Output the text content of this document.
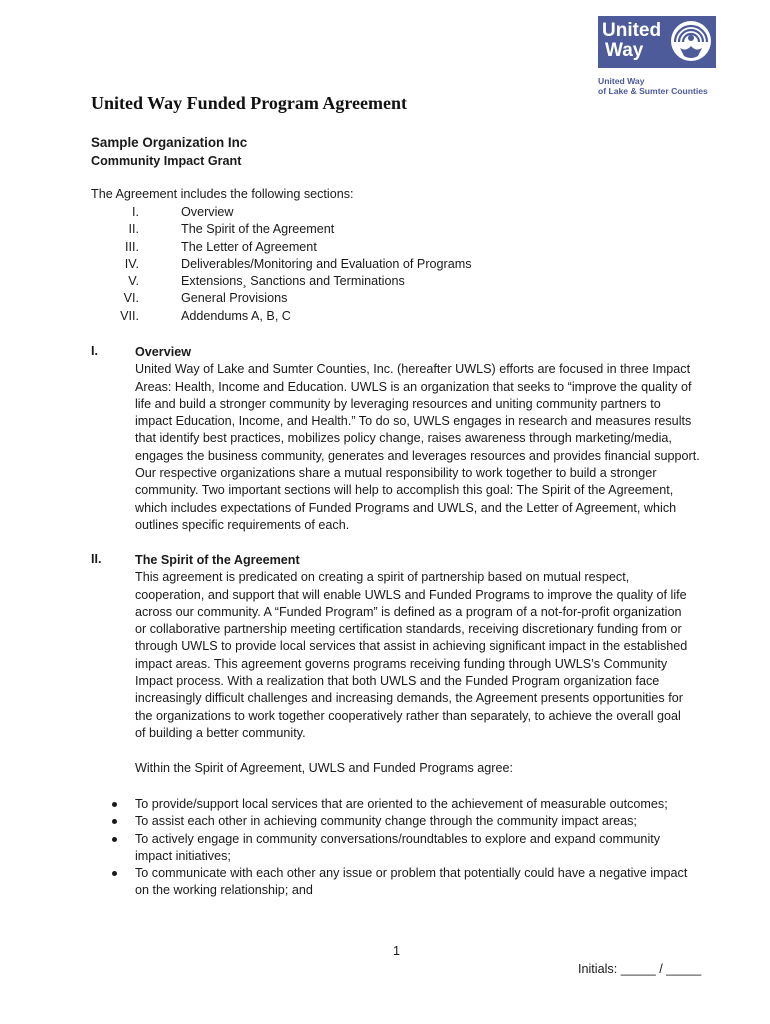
United
Way
United Way
of Lake & Sumter Counties
United Way Funded Program Agreement
Sample Organization Inc
Community Impact Grant
The Agreement includes the following sections:
I.	Overview
II.	The Spirit of the Agreement
III.	The Letter of Agreement
IV.	Deliverables/Monitoring and Evaluation of Programs
V.	Extensions¸ Sanctions and Terminations
VI.	General Provisions
VII.	Addendums A, B, C
I.	Overview
United Way of Lake and Sumter Counties, Inc. (hereafter UWLS) efforts are focused in three Impact
Areas: Health, Income and Education. UWLS is an organization that seeks to “improve the quality of
life and build a stronger community by leveraging resources and uniting community partners to
impact Education, Income, and Health.” To do so, UWLS engages in research and measures results
that identify best practices, mobilizes policy change, raises awareness through marketing/media,
engages the business community, generates and leverages resources and provides financial support.
Our respective organizations share a mutual responsibility to work together to build a stronger
community. Two important sections will help to accomplish this goal: The Spirit of the Agreement,
which includes expectations of Funded Programs and UWLS, and the Letter of Agreement, which
outlines specific requirements of each.
II.	The Spirit of the Agreement
This agreement is predicated on creating a spirit of partnership based on mutual respect,
cooperation, and support that will enable UWLS and Funded Programs to improve the quality of life
across our community. A “Funded Program” is defined as a program of a not-for-profit organization
or collaborative partnership meeting certification standards, receiving discretionary funding from or
through UWLS to provide local services that assist in achieving significant impact in the established
impact areas. This agreement governs programs receiving funding through UWLS’s Community
Impact process. With a realization that both UWLS and the Funded Program organization face
increasingly difficult challenges and increasing demands, the Agreement presents opportunities for
the organizations to work together cooperatively rather than separately, to achieve the overall goal
of building a better community.
Within the Spirit of Agreement, UWLS and Funded Programs agree:
To provide/support local services that are oriented to the achievement of measurable outcomes;
To assist each other in achieving community change through the community impact areas;
To actively engage in community conversations/roundtables to explore and expand community
impact initiatives;
To communicate with each other any issue or problem that potentially could have a negative impact
on the working relationship; and
1
Initials: _____ / _____
